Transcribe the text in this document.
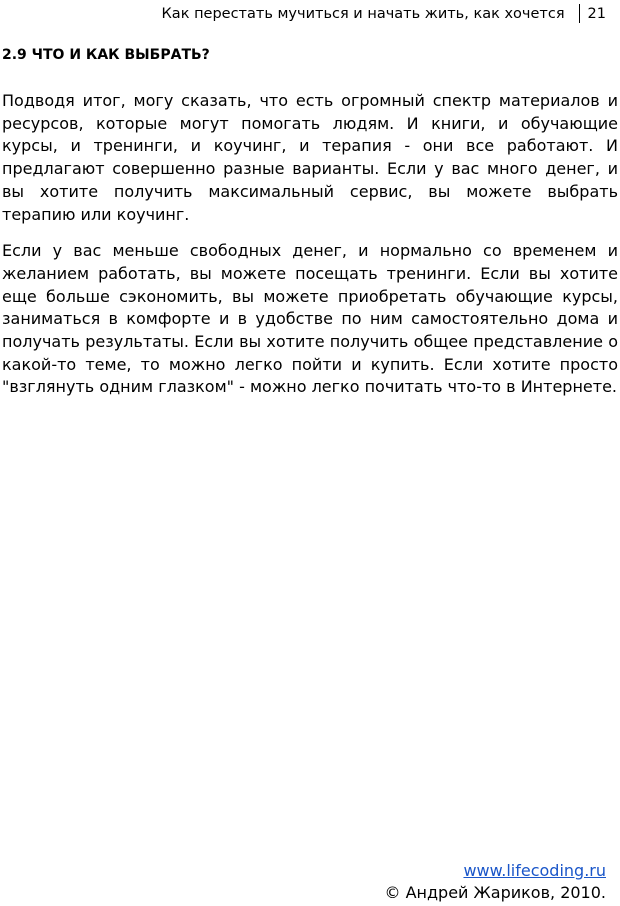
Как перестать мучиться и начать жить, как хочется 21
2.9 ЧТО И КАК ВЫБРАТЬ?

Подводя итог, могу сказать, что есть огромный спектр материалов и ресурсов, которые могут помогать людям. И книги, и обучающие курсы, и тренинги, и коучинг, и терапия - они все работают. И предлагают совершенно разные варианты. Если у вас много денег, и вы хотите получить максимальный сервис, вы можете выбрать терапию или коучинг.

Если у вас меньше свободных денег, и нормально со временем и желанием работать, вы можете посещать тренинги. Если вы хотите еще больше сэкономить, вы можете приобретать обучающие курсы, заниматься в комфорте и в удобстве по ним самостоятельно дома и получать результаты. Если вы хотите получить общее представление о какой-то теме, то можно легко пойти и купить. Если хотите просто "взглянуть одним глазком" - можно легко почитать что-то в Интернете.

www.lifecoding.ru
© Андрей Жариков, 2010.
